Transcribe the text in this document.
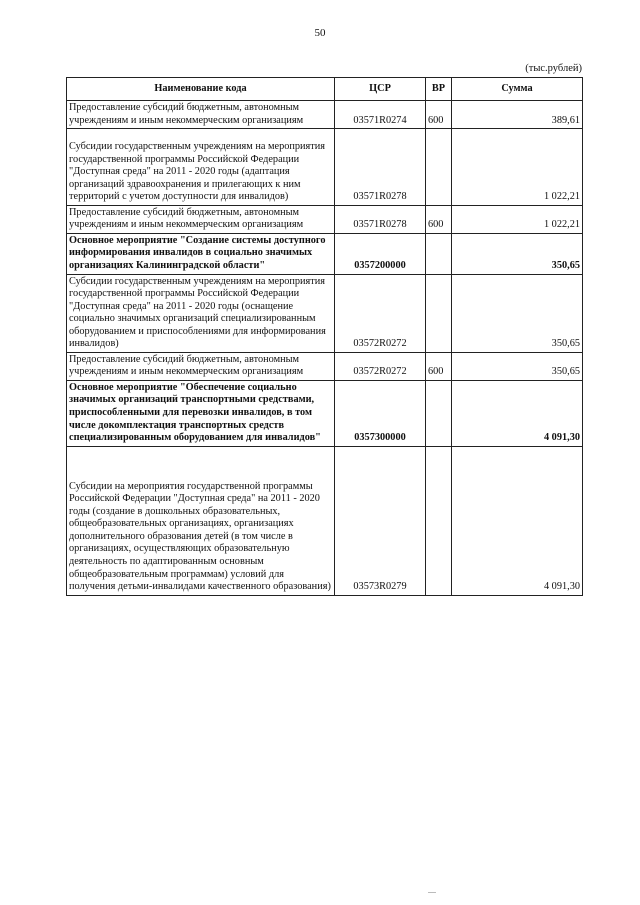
50
(тыс.рублей)
Наименование кода	ЦСР	ВР	Сумма
Предоставление субсидий бюджетным, автономным учреждениям и иным некоммерческим организациям	03571R0274	600	389,61
Субсидии государственным учреждениям на мероприятия государственной программы Российской Федерации "Доступная среда" на 2011 - 2020 годы (адаптация организаций здравоохранения и прилегающих к ним территорий с учетом доступности для инвалидов)	03571R0278		1 022,21
Предоставление субсидий бюджетным, автономным учреждениям и иным некоммерческим организациям	03571R0278	600	1 022,21
Основное мероприятие "Создание системы доступного информирования инвалидов в социально значимых организациях Калининградской области"	0357200000		350,65
Субсидии государственным учреждениям на мероприятия государственной программы Российской Федерации "Доступная среда" на 2011 - 2020 годы (оснащение социально значимых организаций специализированным оборудованием и приспособлениями для информирования инвалидов)	03572R0272		350,65
Предоставление субсидий бюджетным, автономным учреждениям и иным некоммерческим организациям	03572R0272	600	350,65
Основное мероприятие "Обеспечение социально значимых организаций транспортными средствами, приспособленными для перевозки инвалидов, в том числе докомплектация транспортных средств специализированным оборудованием для инвалидов"	0357300000		4 091,30
Субсидии на мероприятия государственной программы Российской Федерации "Доступная среда" на 2011 - 2020 годы (создание в дошкольных образовательных, общеобразовательных организациях, организациях дополнительного образования детей (в том числе в организациях, осуществляющих образовательную деятельность по адаптированным основным общеобразовательным программам) условий для получения детьми-инвалидами качественного образования)	03573R0279		4 091,30
